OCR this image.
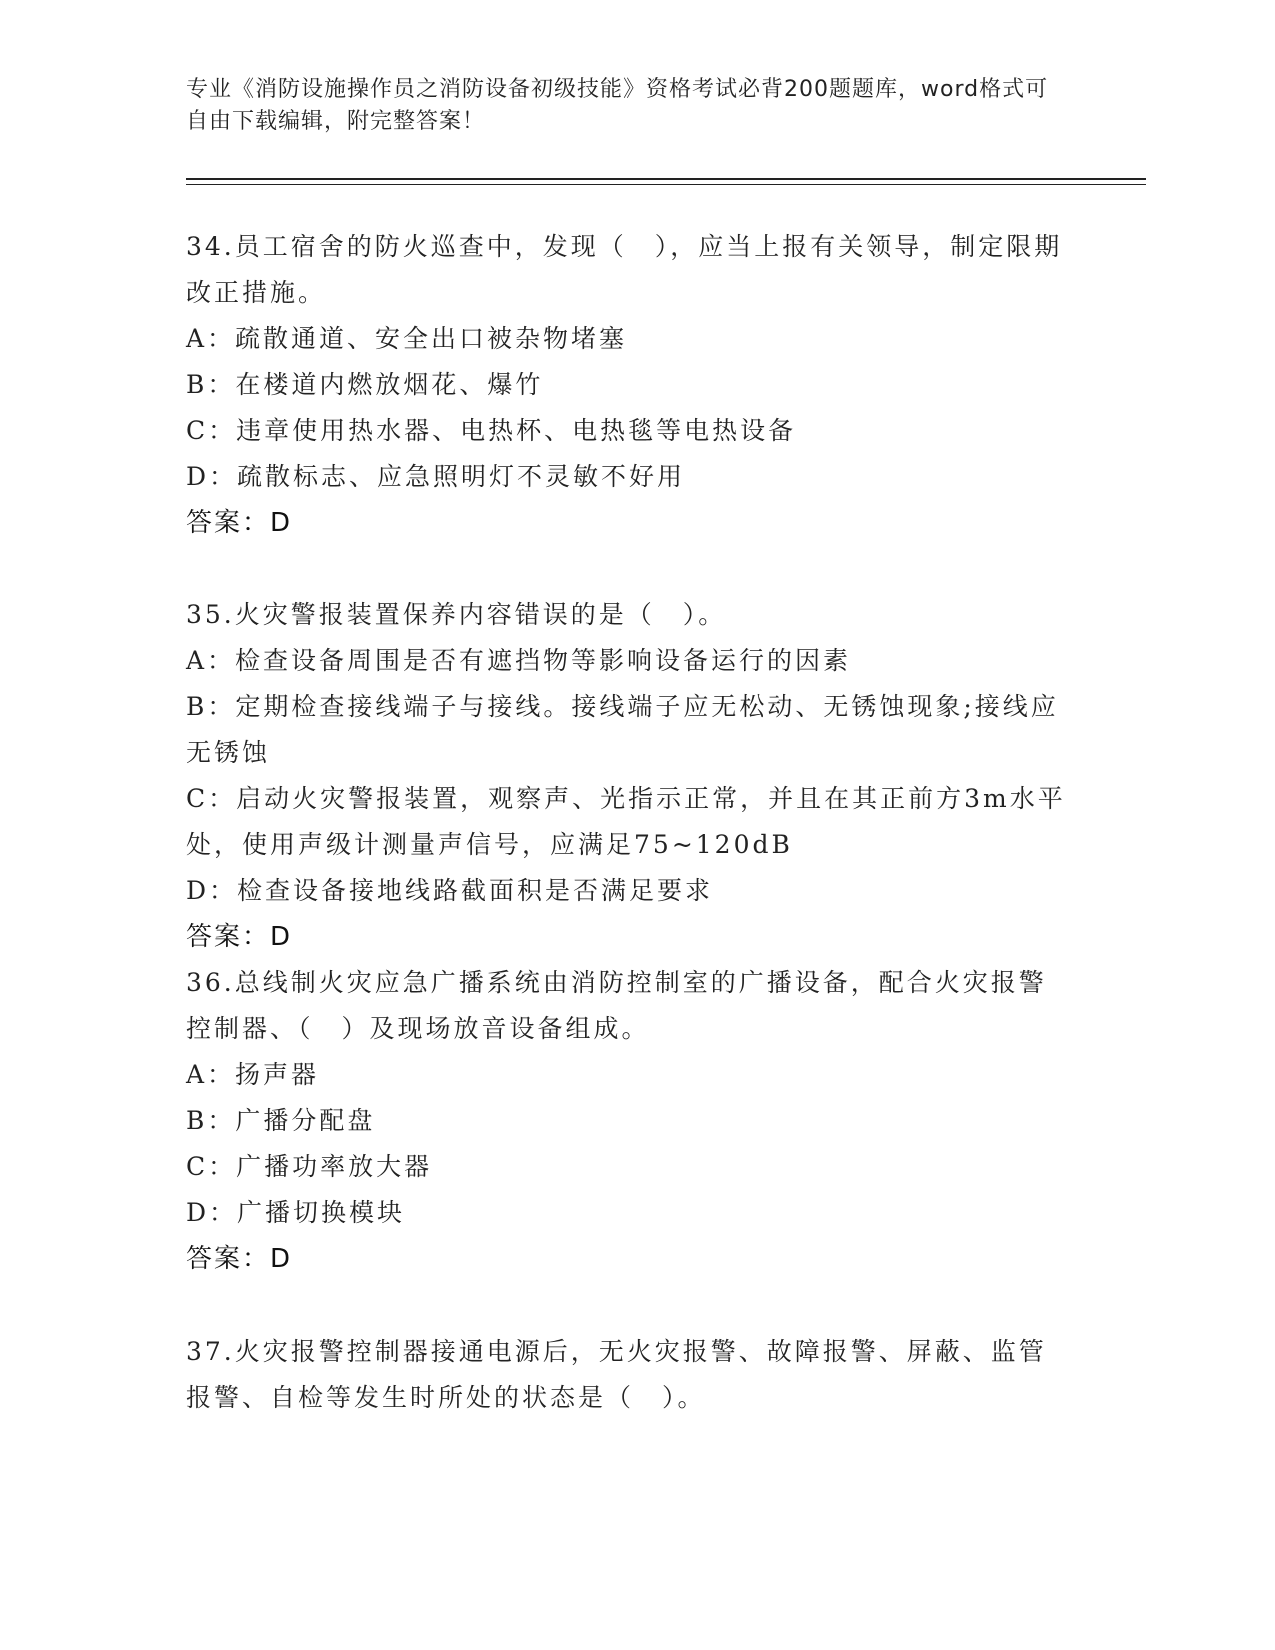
专业《消防设施操作员之消防设备初级技能》资格考试必背200题题库，word格式可自由下载编辑，附完整答案！
34.员工宿舍的防火巡查中，发现（　），应当上报有关领导，制定限期改正措施。
A：疏散通道、安全出口被杂物堵塞
B：在楼道内燃放烟花、爆竹
C：违章使用热水器、电热杯、电热毯等电热设备
D：疏散标志、应急照明灯不灵敏不好用
答案：D
35.火灾警报装置保养内容错误的是（　）。
A：检查设备周围是否有遮挡物等影响设备运行的因素
B：定期检查接线端子与接线。接线端子应无松动、无锈蚀现象;接线应无锈蚀
C：启动火灾警报装置，观察声、光指示正常，并且在其正前方3m水平处，使用声级计测量声信号，应满足75~120dB
D：检查设备接地线路截面积是否满足要求
答案：D
36.总线制火灾应急广播系统由消防控制室的广播设备，配合火灾报警控制器、（　）及现场放音设备组成。
A：扬声器
B：广播分配盘
C：广播功率放大器
D：广播切换模块
答案：D
37.火灾报警控制器接通电源后，无火灾报警、故障报警、屏蔽、监管报警、自检等发生时所处的状态是（　）。
